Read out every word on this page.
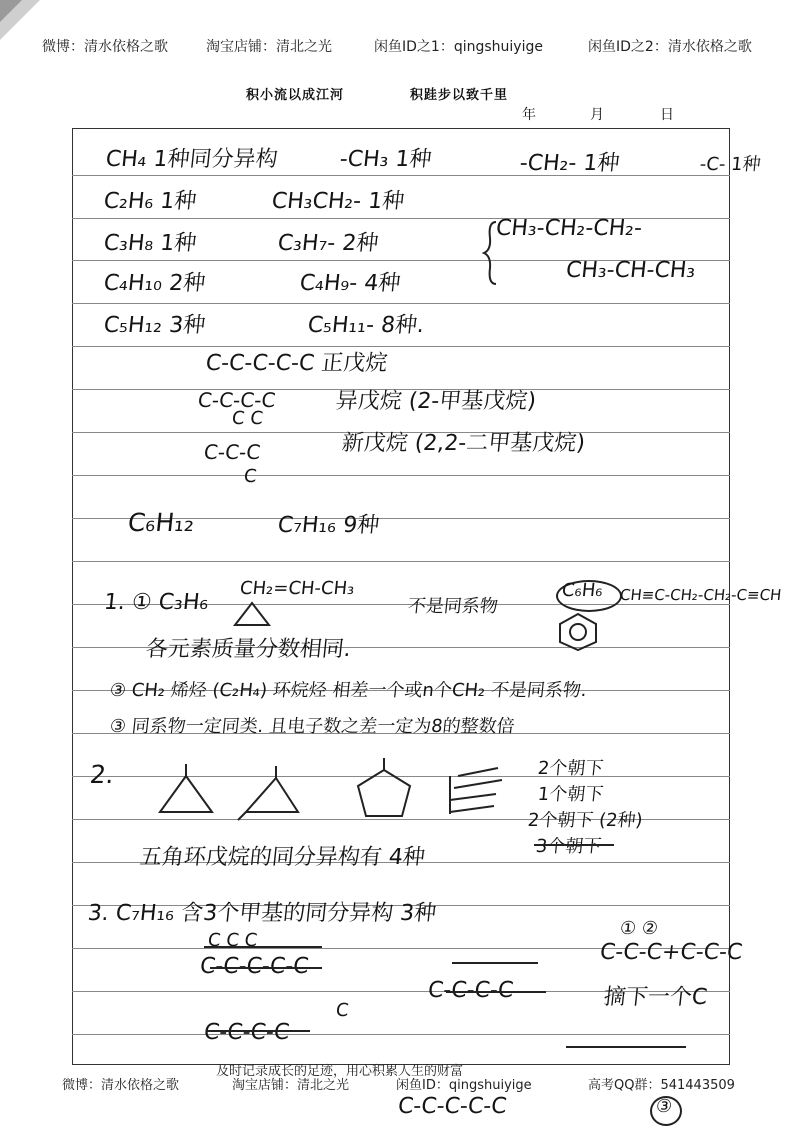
微博：清水依格之歌	淘宝店铺：清北之光	闲鱼ID之1：qingshuiyige	闲鱼ID之2：清水依格之歌
积小流以成江河	积跬步以致千里
年	月	日
CH₄ 1种同分异构	-CH₃ 1种	-CH₂- 1种	-C- 1种
C₂H₆ 1种	CH₃CH₂- 1种
C₃H₈ 1种	C₃H₇- 2种
CH₃-CH₂-CH₂-
C₄H₁₀ 2种	C₄H₉- 4种
CH₃-CH-CH₃
C₅H₁₂ 3种	C₅H₁₁- 8种.
C-C-C-C-C 正戊烷
C-C-C-C	异戊烷 (2-甲基戊烷)
C C
新戊烷 (2,2-二甲基戊烷)
C-C-C
C
C₆H₁₂	C₇H₁₆ 9种
1. ① C₃H₆
CH₂=CH-CH₃
不是同系物
C₆H₆ CH≡C-CH₂-CH₂-C≡CH
各元素质量分数相同.
③ CH₂ 烯烃 (C₂H₄) 环烷烃 相差一个或n个CH₂ 不是同系物.
③ 同系物一定同类. 且电子数之差一定为8的整数倍
2.	2个朝下
1个朝下
2个朝下 (2种)
3个朝下
五角环戊烷的同分异构有 4种
3. C₇H₁₆ 含3个甲基的同分异构 3种
C C C
① ②
C-C-C-C-C
C-C-C+C-C-C
C-C-C-C	摘下一个C
C-C-C-C
C
C-C-C-C-C	③
微博：清水依格之歌
及时记录成长的足迹，用心积累人生的财富
淘宝店铺：清北之光	闲鱼ID：qingshuiyige	高考QQ群：541443509
